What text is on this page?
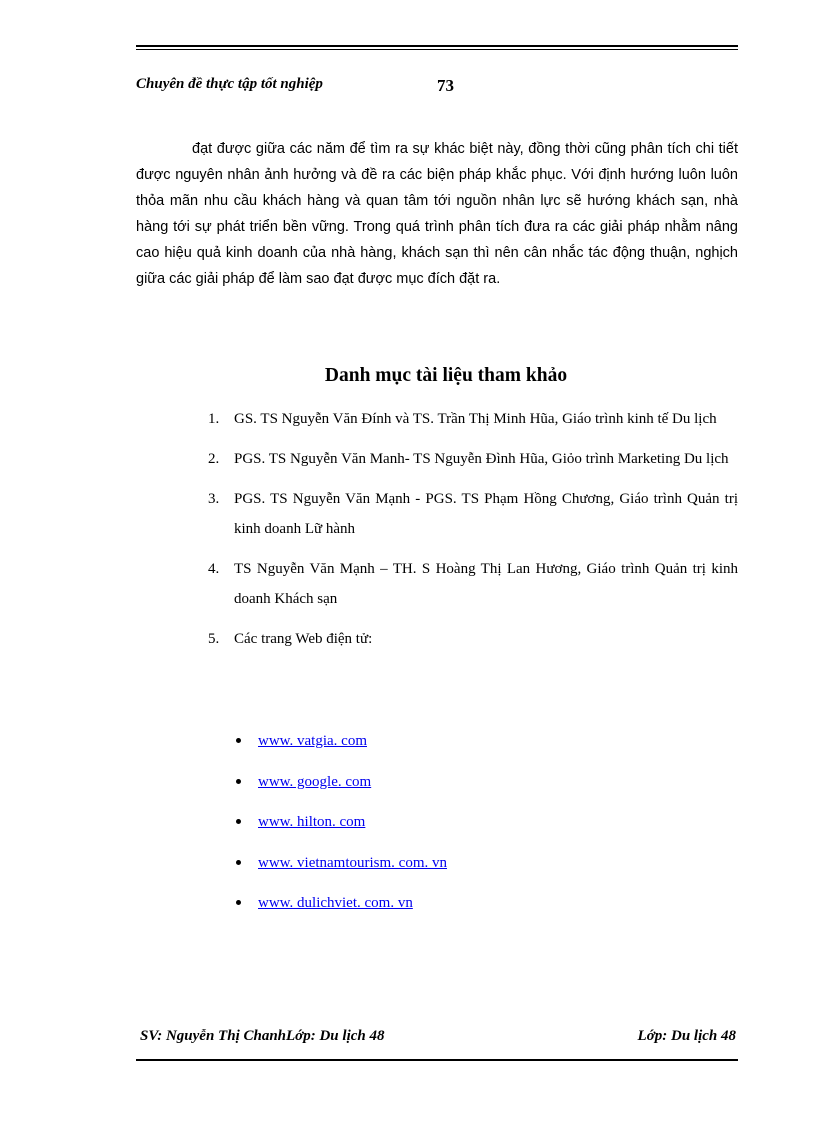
Chuyên đề thực tập tốt nghiệp	73

đạt được giữa các năm để tìm ra sự khác biệt này, đồng thời cũng phân tích chi tiết được nguyên nhân ảnh hưởng và đề ra các biện pháp khắc phục. Với định hướng luôn luôn thỏa mãn nhu cầu khách hàng và quan tâm tới nguồn nhân lực sẽ hướng khách sạn, nhà hàng tới sự phát triển bền vững. Trong quá trình phân tích đưa ra các giải pháp nhằm nâng cao hiệu quả kinh doanh của nhà hàng, khách sạn thì nên cân nhắc tác động thuận, nghịch giữa các giải pháp để làm sao đạt được mục đích đặt ra.

Danh mục tài liệu tham khảo
1. GS. TS Nguyễn Văn Đính và TS. Trần Thị Minh Hũa, Giáo trình kinh tế Du lịch
2. PGS. TS Nguyễn Văn Manh- TS Nguyễn Đình Hũa, Giỏo trình Marketing Du lịch
3. PGS. TS Nguyễn Văn Mạnh - PGS. TS Phạm Hồng Chương, Giáo trình Quản trị kinh doanh Lữ hành
4. TS Nguyễn Văn Mạnh – TH. S Hoàng Thị Lan Hương, Giáo trình Quản trị kinh doanh Khách sạn
5. Các trang Web điện tử:
www. vatgia. com
www. google. com
www. hilton. com
www. vietnamtourism. com. vn
www. dulichviet. com. vn
SV: Nguyễn Thị ChanhLớp: Du lịch 48	Lớp: Du lịch 48
